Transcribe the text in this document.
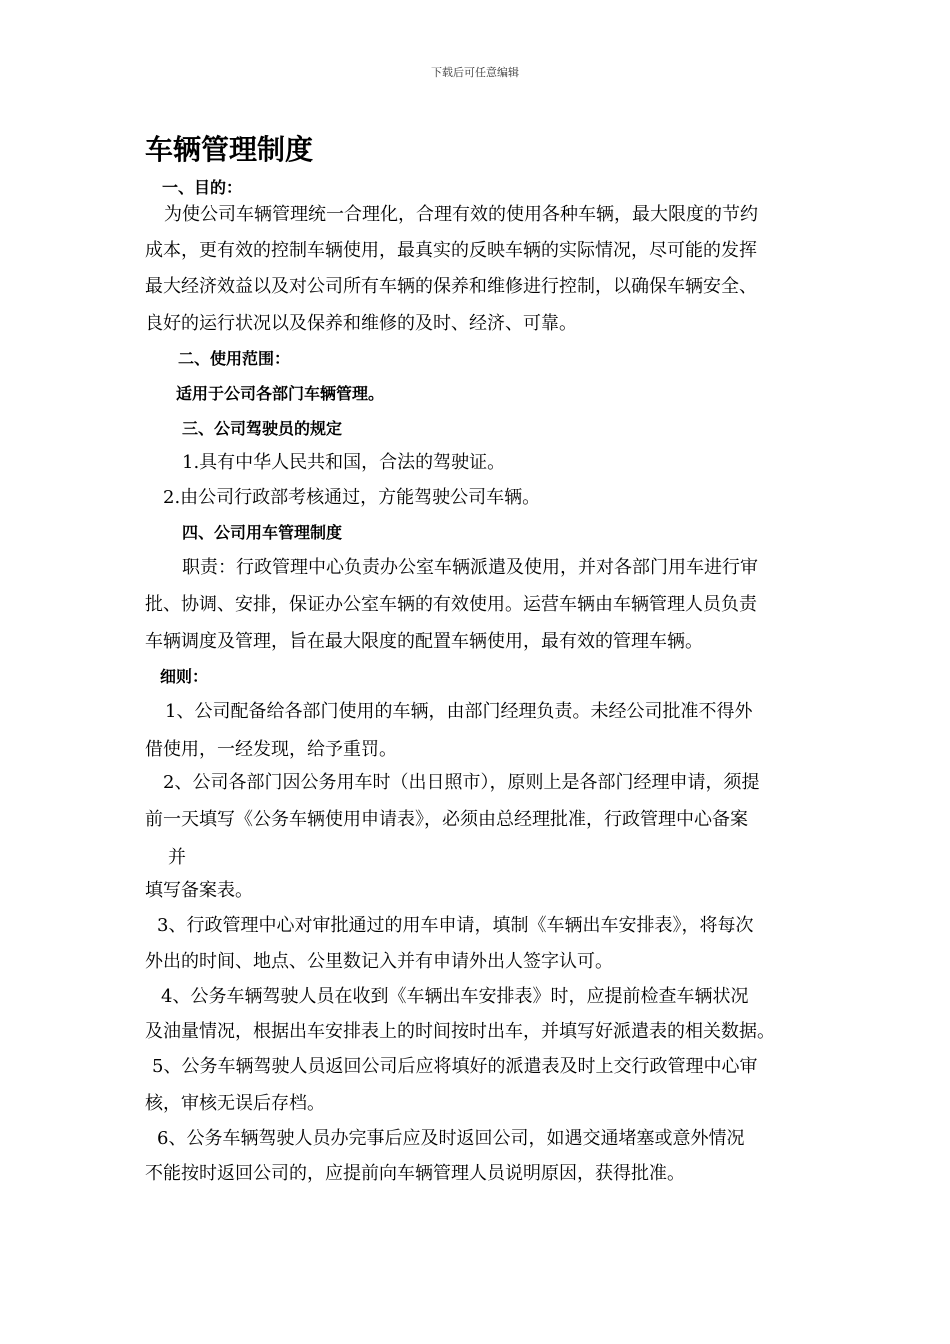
下载后可任意编辑
车辆管理制度
一、目的：
为使公司车辆管理统一合理化，合理有效的使用各种车辆，最大限度的节约
成本，更有效的控制车辆使用，最真实的反映车辆的实际情况，尽可能的发挥
最大经济效益以及对公司所有车辆的保养和维修进行控制，以确保车辆安全、
良好的运行状况以及保养和维修的及时、经济、可靠。
二、使用范围：
适用于公司各部门车辆管理。
三、公司驾驶员的规定
1.具有中华人民共和国，合法的驾驶证。
2.由公司行政部考核通过，方能驾驶公司车辆。
四、公司用车管理制度
职责：行政管理中心负责办公室车辆派遣及使用，并对各部门用车进行审
批、协调、安排，保证办公室车辆的有效使用。运营车辆由车辆管理人员负责
车辆调度及管理，旨在最大限度的配置车辆使用，最有效的管理车辆。
细则：
1、公司配备给各部门使用的车辆，由部门经理负责。未经公司批准不得外
借使用，一经发现，给予重罚。
2、公司各部门因公务用车时（出日照市），原则上是各部门经理申请，须提
前一天填写《公务车辆使用申请表》，必须由总经理批准，行政管理中心备案
并
填写备案表。
3、行政管理中心对审批通过的用车申请，填制《车辆出车安排表》，将每次
外出的时间、地点、公里数记入并有申请外出人签字认可。
4、公务车辆驾驶人员在收到《车辆出车安排表》时，应提前检查车辆状况
及油量情况，根据出车安排表上的时间按时出车，并填写好派遣表的相关数据。
5、公务车辆驾驶人员返回公司后应将填好的派遣表及时上交行政管理中心审
核，审核无误后存档。
6、公务车辆驾驶人员办完事后应及时返回公司，如遇交通堵塞或意外情况
不能按时返回公司的，应提前向车辆管理人员说明原因，获得批准。
